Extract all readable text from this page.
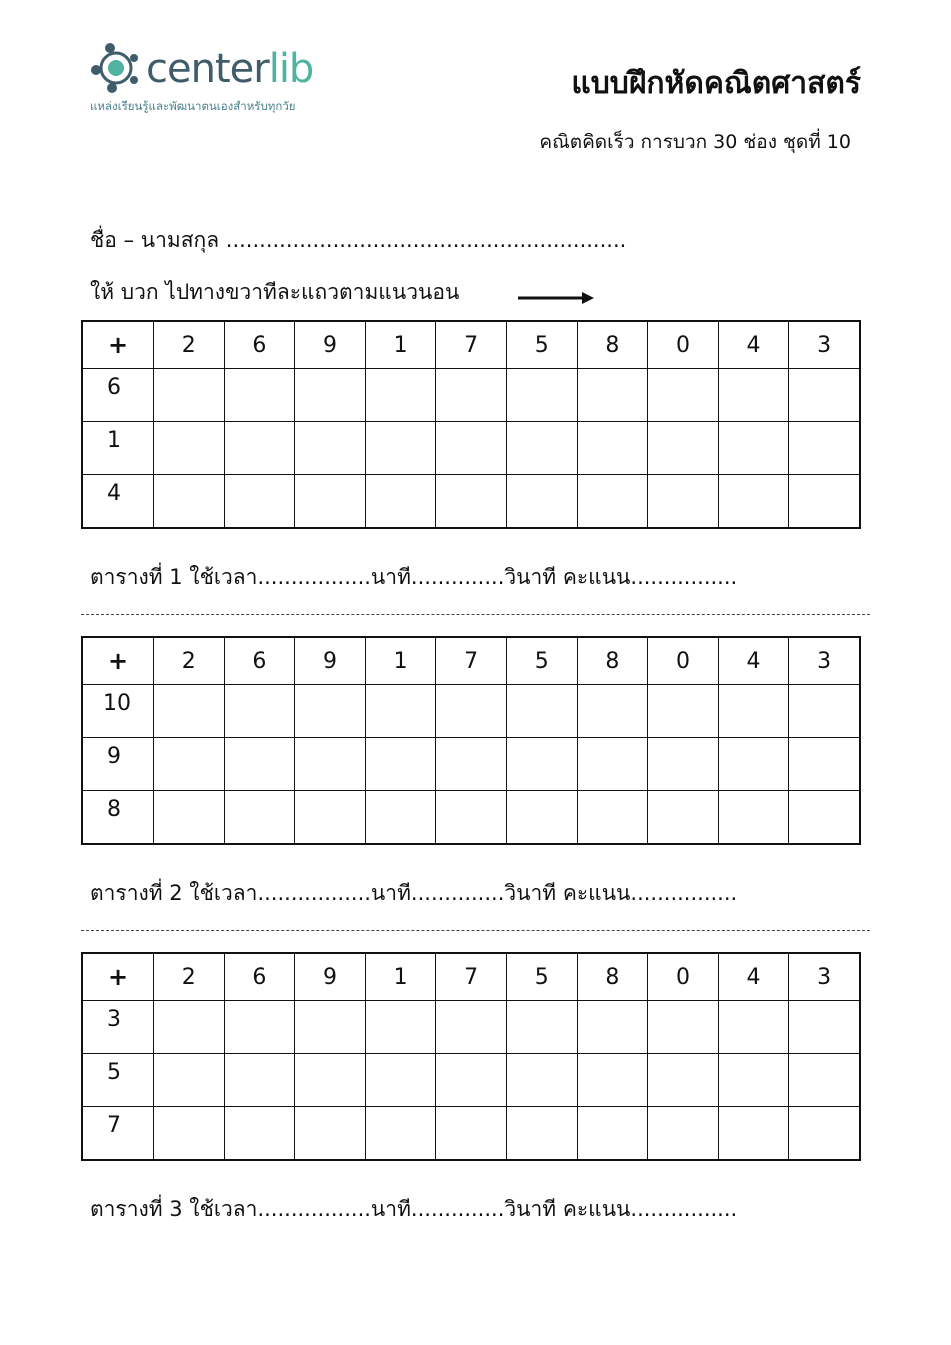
centerlib
แหล่งเรียนรู้และพัฒนาตนเองสำหรับทุกวัย
แบบฝึกหัดคณิตศาสตร์
คณิตคิดเร็ว การบวก 30 ช่อง ชุดที่ 10
ชื่อ – นามสกุล ............................................................
ให้ บวก ไปทางขวาทีละแถวตามแนวนอน
+	2	6	9	1	7	5	8	0	4	3
6										
1										
4										
ตารางที่ 1 ใช้เวลา.................นาที..............วินาที คะแนน................
+	2	6	9	1	7	5	8	0	4	3
10										
9										
8										
ตารางที่ 2 ใช้เวลา.................นาที..............วินาที คะแนน................
+	2	6	9	1	7	5	8	0	4	3
3										
5										
7										
ตารางที่ 3 ใช้เวลา.................นาที..............วินาที คะแนน................
